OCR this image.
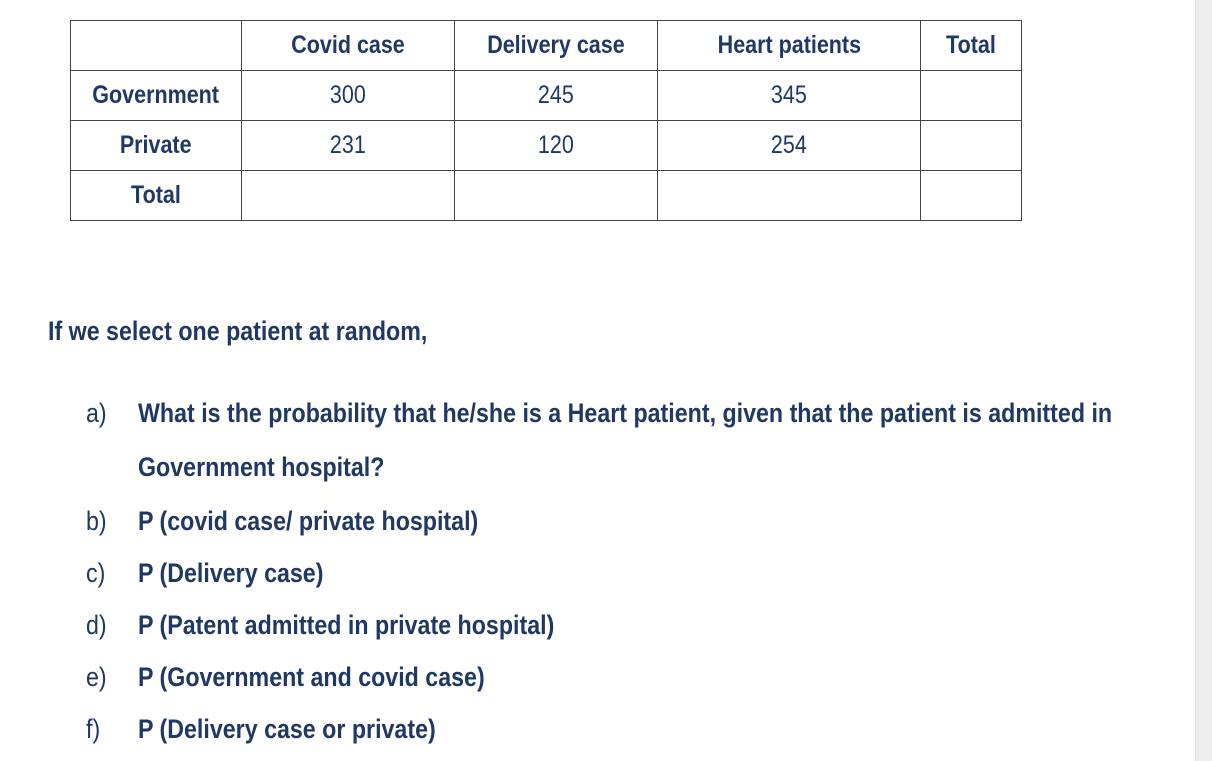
	Covid case	Delivery case	Heart patients	Total
Government	300	245	345	
Private	231	120	254	
Total				
If we select one patient at random,
a) What is the probability that he/she is a Heart patient, given that the patient is admitted in
Government hospital?
b) P (covid case/ private hospital)
c) P (Delivery case)
d) P (Patent admitted in private hospital)
e) P (Government and covid case)
f) P (Delivery case or private)
